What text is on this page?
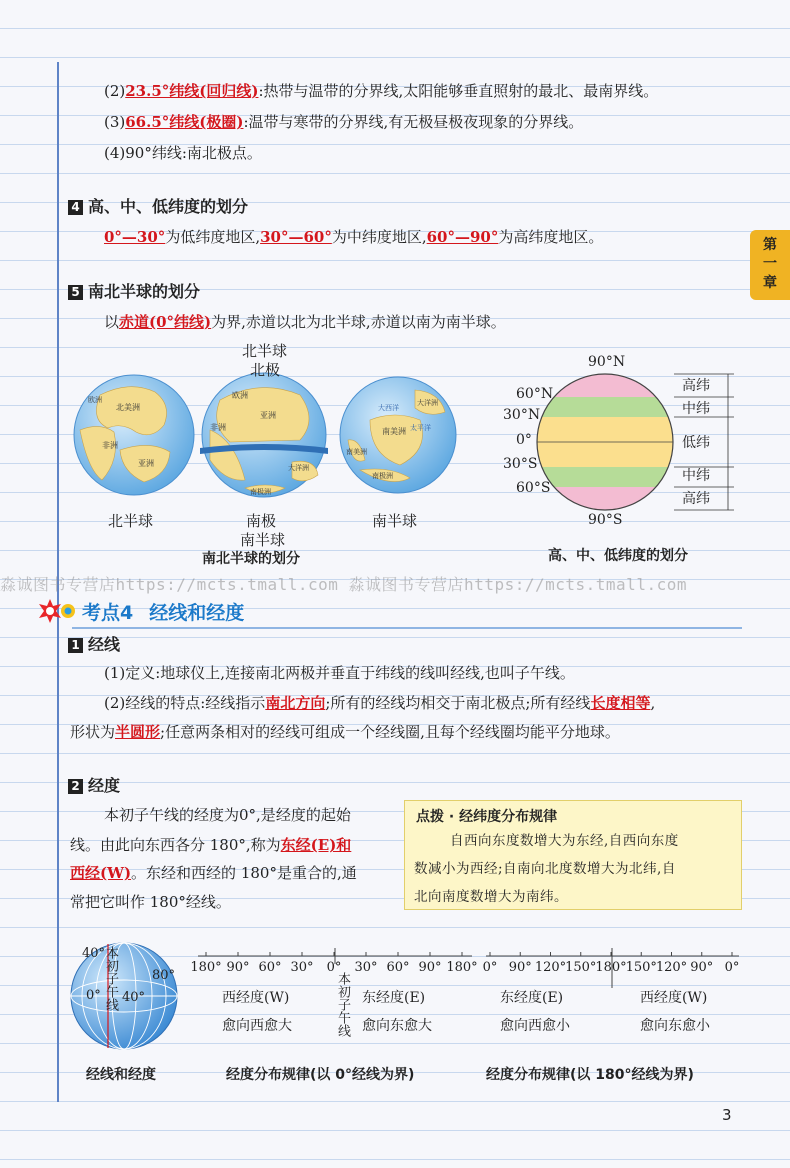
第
一
章
(2)23.5°纬线(回归线):热带与温带的分界线,太阳能够垂直照射的最北、最南界线。
(3)66.5°纬线(极圈):温带与寒带的分界线,有无极昼极夜现象的分界线。
(4)90°纬线:南北极点。
4 高、中、低纬度的划分
0°—30°为低纬度地区,30°—60°为中纬度地区,60°—90°为高纬度地区。
5 南北半球的划分
以赤道(0°纬线)为界,赤道以北为北半球,赤道以南为南半球。
北美洲
非洲
亚洲
欧洲	欧洲
亚洲
非洲
大洋洲
南极洲
南美洲
大洋洲
南极洲
南美洲
太平洋
大西洋
北半球
北极
北半球	南极
南半球
南半球
南北半球的划分
90°N
60°N
30°N
0°
30°S
60°S
90°S
高纬
中纬
低纬
中纬
高纬
高、中、低纬度的划分
淼诚图书专营店https://mcts.tmall.com 淼诚图书专营店https://mcts.tmall.com
考点4 经线和经度
1 经线
(1)定义:地球仪上,连接南北两极并垂直于纬线的线叫经线,也叫子午线。
(2)经线的特点:经线指示南北方向;所有的经线均相交于南北极点;所有经线长度相等,
形状为半圆形;任意两条相对的经线可组成一个经线圈,且每个经线圈均能平分地球。
2 经度
本初子午线的经度为0°,是经度的起始
线。由此向东西各分 180°,称为东经(E)和
西经(W)。东经和西经的 180°是重合的,通
常把它叫作 180°经线。
点拨 · 经纬度分布规律
自西向东度数增大为东经,自西向东度
数减小为西经;自南向北度数增大为北纬,自
北向南度数增大为南纬。
40°
80°
40°
0° 本初子午线
经线和经度
180° 90° 60° 30° 0° 30° 60° 90° 180°
西经度(W)
愈向西愈大
东经度(E)
愈向东愈大
本初子午线
经度分布规律(以 0°经线为界)
0° 90° 120°
150°
180°
150°
120° 90° 0°
东经度(E)
愈向西愈小
西经度(W)
愈向东愈小
经度分布规律(以 180°经线为界)
3
